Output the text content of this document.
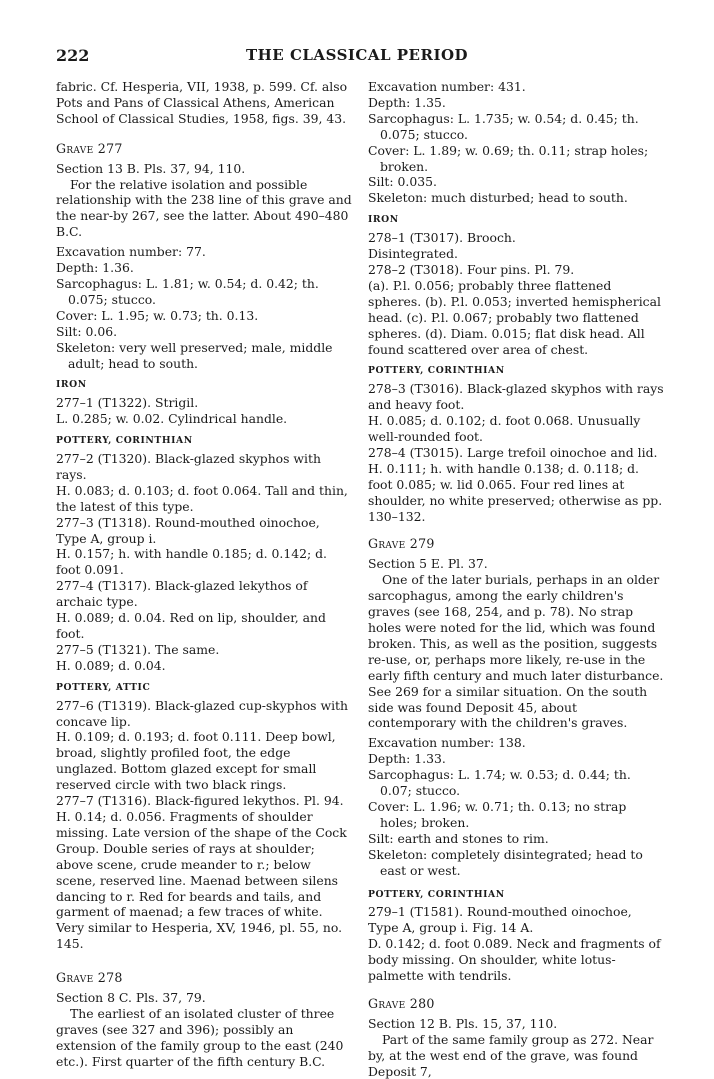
222	THE CLASSICAL PERIOD

fabric. Cf. Hesperia, VII, 1938, p. 599. Cf. also Pots and Pans of Classical Athens, American School of Classical Studies, 1958, figs. 39, 43.

Grave 277

Section 13 B. Pls. 37, 94, 110.

For the relative isolation and possible relationship with the 238 line of this grave and the near-by 267, see the latter. About 490–480 B.C.

Excavation number: 77.

Depth: 1.36.

Sarcophagus: L. 1.81; w. 0.54; d. 0.42; th. 0.075; stucco.

Cover: L. 1.95; w. 0.73; th. 0.13.

Silt: 0.06.

Skeleton: very well preserved; male, middle adult; head to south.

IRON

277–1 (T1322). Strigil.

L. 0.285; w. 0.02. Cylindrical handle.

POTTERY, CORINTHIAN

277–2 (T1320). Black-glazed skyphos with rays.

H. 0.083; d. 0.103; d. foot 0.064. Tall and thin, the latest of this type.

277–3 (T1318). Round-mouthed oinochoe, Type A, group i.

H. 0.157; h. with handle 0.185; d. 0.142; d. foot 0.091.

277–4 (T1317). Black-glazed lekythos of archaic type.

H. 0.089; d. 0.04. Red on lip, shoulder, and foot.

277–5 (T1321). The same.

H. 0.089; d. 0.04.

POTTERY, ATTIC

277–6 (T1319). Black-glazed cup-skyphos with concave lip.

H. 0.109; d. 0.193; d. foot 0.111. Deep bowl, broad, slightly profiled foot, the edge unglazed. Bottom glazed except for small reserved circle with two black rings.

277–7 (T1316). Black-figured lekythos. Pl. 94.

H. 0.14; d. 0.056. Fragments of shoulder missing. Late version of the shape of the Cock Group. Double series of rays at shoulder; above scene, crude meander to r.; below scene, reserved line. Maenad between silens dancing to r. Red for beards and tails, and garment of maenad; a few traces of white. Very similar to Hesperia, XV, 1946, pl. 55, no. 145.

Grave 278

Section 8 C. Pls. 37, 79.

The earliest of an isolated cluster of three graves (see 327 and 396); possibly an extension of the family group to the east (240 etc.). First quarter of the fifth century B.C.

Excavation number: 431.

Depth: 1.35.

Sarcophagus: L. 1.735; w. 0.54; d. 0.45; th. 0.075; stucco.

Cover: L. 1.89; w. 0.69; th. 0.11; strap holes; broken.

Silt: 0.035.

Skeleton: much disturbed; head to south.

IRON

278–1 (T3017). Brooch.

Disintegrated.

278–2 (T3018). Four pins. Pl. 79.

(a). P.l. 0.056; probably three flattened spheres. (b). P.l. 0.053; inverted hemispherical head. (c). P.l. 0.067; probably two flattened spheres. (d). Diam. 0.015; flat disk head. All found scattered over area of chest.

POTTERY, CORINTHIAN

278–3 (T3016). Black-glazed skyphos with rays and heavy foot.

H. 0.085; d. 0.102; d. foot 0.068. Unusually well-rounded foot.

278–4 (T3015). Large trefoil oinochoe and lid.

H. 0.111; h. with handle 0.138; d. 0.118; d. foot 0.085; w. lid 0.065. Four red lines at shoulder, no white preserved; otherwise as pp. 130–132.

Grave 279

Section 5 E. Pl. 37.

One of the later burials, perhaps in an older sarcophagus, among the early children's graves (see 168, 254, and p. 78). No strap holes were noted for the lid, which was found broken. This, as well as the position, suggests re-use, or, perhaps more likely, re-use in the early fifth century and much later disturbance. See 269 for a similar situation. On the south side was found Deposit 45, about contemporary with the children's graves.

Excavation number: 138.

Depth: 1.33.

Sarcophagus: L. 1.74; w. 0.53; d. 0.44; th. 0.07; stucco.

Cover: L. 1.96; w. 0.71; th. 0.13; no strap holes; broken.

Silt: earth and stones to rim.

Skeleton: completely disintegrated; head to east or west.

POTTERY, CORINTHIAN

279–1 (T1581). Round-mouthed oinochoe, Type A, group i. Fig. 14 A.

D. 0.142; d. foot 0.089. Neck and fragments of body missing. On shoulder, white lotus-palmette with tendrils.

Grave 280

Section 12 B. Pls. 15, 37, 110.

Part of the same family group as 272. Near by, at the west end of the grave, was found Deposit 7,
